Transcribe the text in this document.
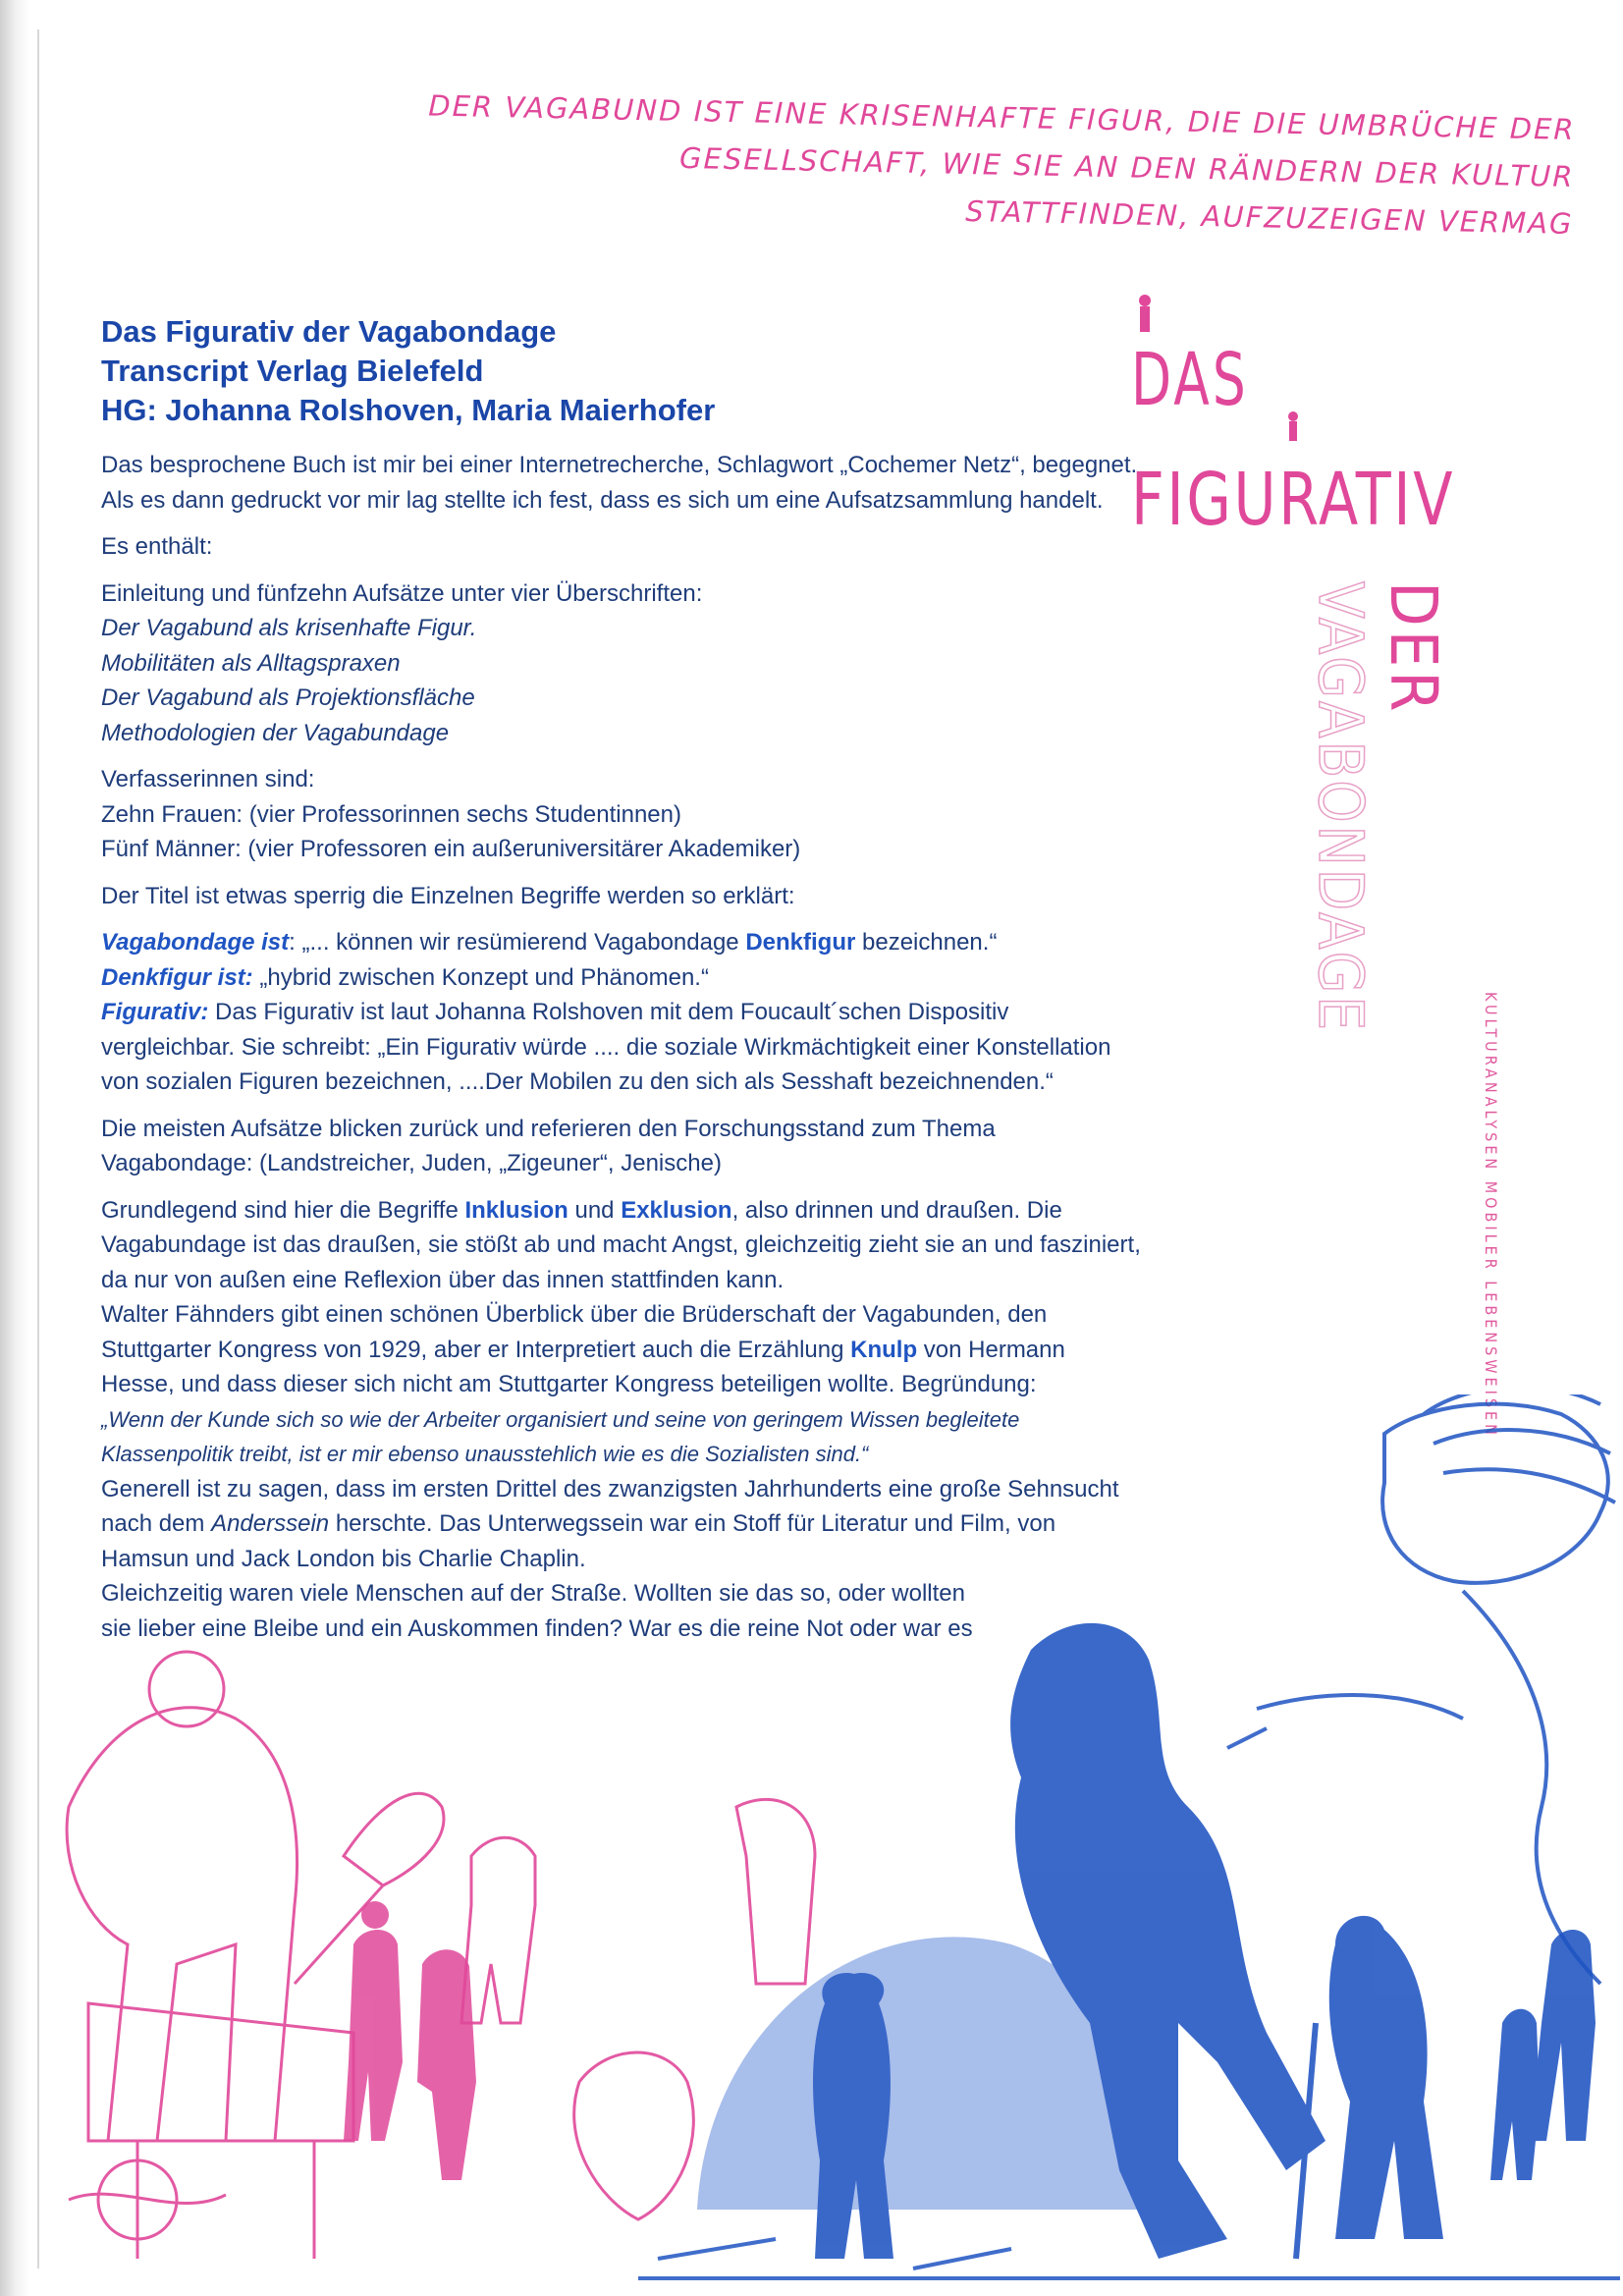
DER VAGABUND IST EINE KRISENHAFTE FIGUR, DIE DIE UMBRÜCHE DER
GESELLSCHAFT, WIE SIE AN DEN RÄNDERN DER KULTUR
STATTFINDEN, AUFZUZEIGEN VERMAG
DAS
FIGURATIV
DER
VAGABONDAGE
KULTURANALYSEN MOBILER LEBENSWEISEN
Das Figurativ der Vagabondage
Transcript Verlag Bielefeld
HG: Johanna Rolshoven, Maria Maierhofer

Das besprochene Buch ist mir bei einer Internetrecherche, Schlagwort „Cochemer Netz“, begegnet. Als es dann gedruckt vor mir lag stellte ich fest, dass es sich um eine Aufsatzsammlung handelt.

Es enthält:

Einleitung und fünfzehn Aufsätze unter vier Überschriften:
Der Vagabund als krisenhafte Figur.
Mobilitäten als Alltagspraxen
Der Vagabund als Projektionsfläche
Methodologien der Vagabundage

Verfasserinnen sind:
Zehn Frauen: (vier Professorinnen sechs Studentinnen)
Fünf Männer: (vier Professoren ein außeruniversitärer Akademiker)

Der Titel ist etwas sperrig die Einzelnen Begriffe werden so erklärt:

Vagabondage ist: „... können wir resümierend Vagabondage Denkfigur bezeichnen.“
Denkfigur ist: „hybrid zwischen Konzept und Phänomen.“
Figurativ: Das Figurativ ist laut Johanna Rolshoven mit dem Foucault´schen Dispositiv vergleichbar. Sie schreibt: „Ein Figurativ würde .... die soziale Wirkmächtigkeit einer Konstellation von sozialen Figuren bezeichnen, ....Der Mobilen zu den sich als Sesshaft bezeichnenden.“

Die meisten Aufsätze blicken zurück und referieren den Forschungsstand zum Thema Vagabondage: (Landstreicher, Juden, „Zigeuner“, Jenische)

Grundlegend sind hier die Begriffe Inklusion und Exklusion, also drinnen und draußen. Die Vagabundage ist das draußen, sie stößt ab und macht Angst, gleichzeitig zieht sie an und fasziniert, da nur von außen eine Reflexion über das innen stattfinden kann.
Walter Fähnders gibt einen schönen Überblick über die Brüderschaft der Vagabunden, den Stuttgarter Kongress von 1929, aber er Interpretiert auch die Erzählung Knulp von Hermann Hesse, und dass dieser sich nicht am Stuttgarter Kongress beteiligen wollte. Begründung:
„Wenn der Kunde sich so wie der Arbeiter organisiert und seine von geringem Wissen begleitete Klassenpolitik treibt, ist er mir ebenso unausstehlich wie es die Sozialisten sind.“
Generell ist zu sagen, dass im ersten Drittel des zwanzigsten Jahrhunderts eine große Sehnsucht nach dem Anderssein herschte. Das Unterwegssein war ein Stoff für Literatur und Film, von Hamsun und Jack London bis Charlie Chaplin.
Gleichzeitig waren viele Menschen auf der Straße. Wollten sie das so, oder wollten
sie lieber eine Bleibe und ein Auskommen finden? War es die reine Not oder war es
